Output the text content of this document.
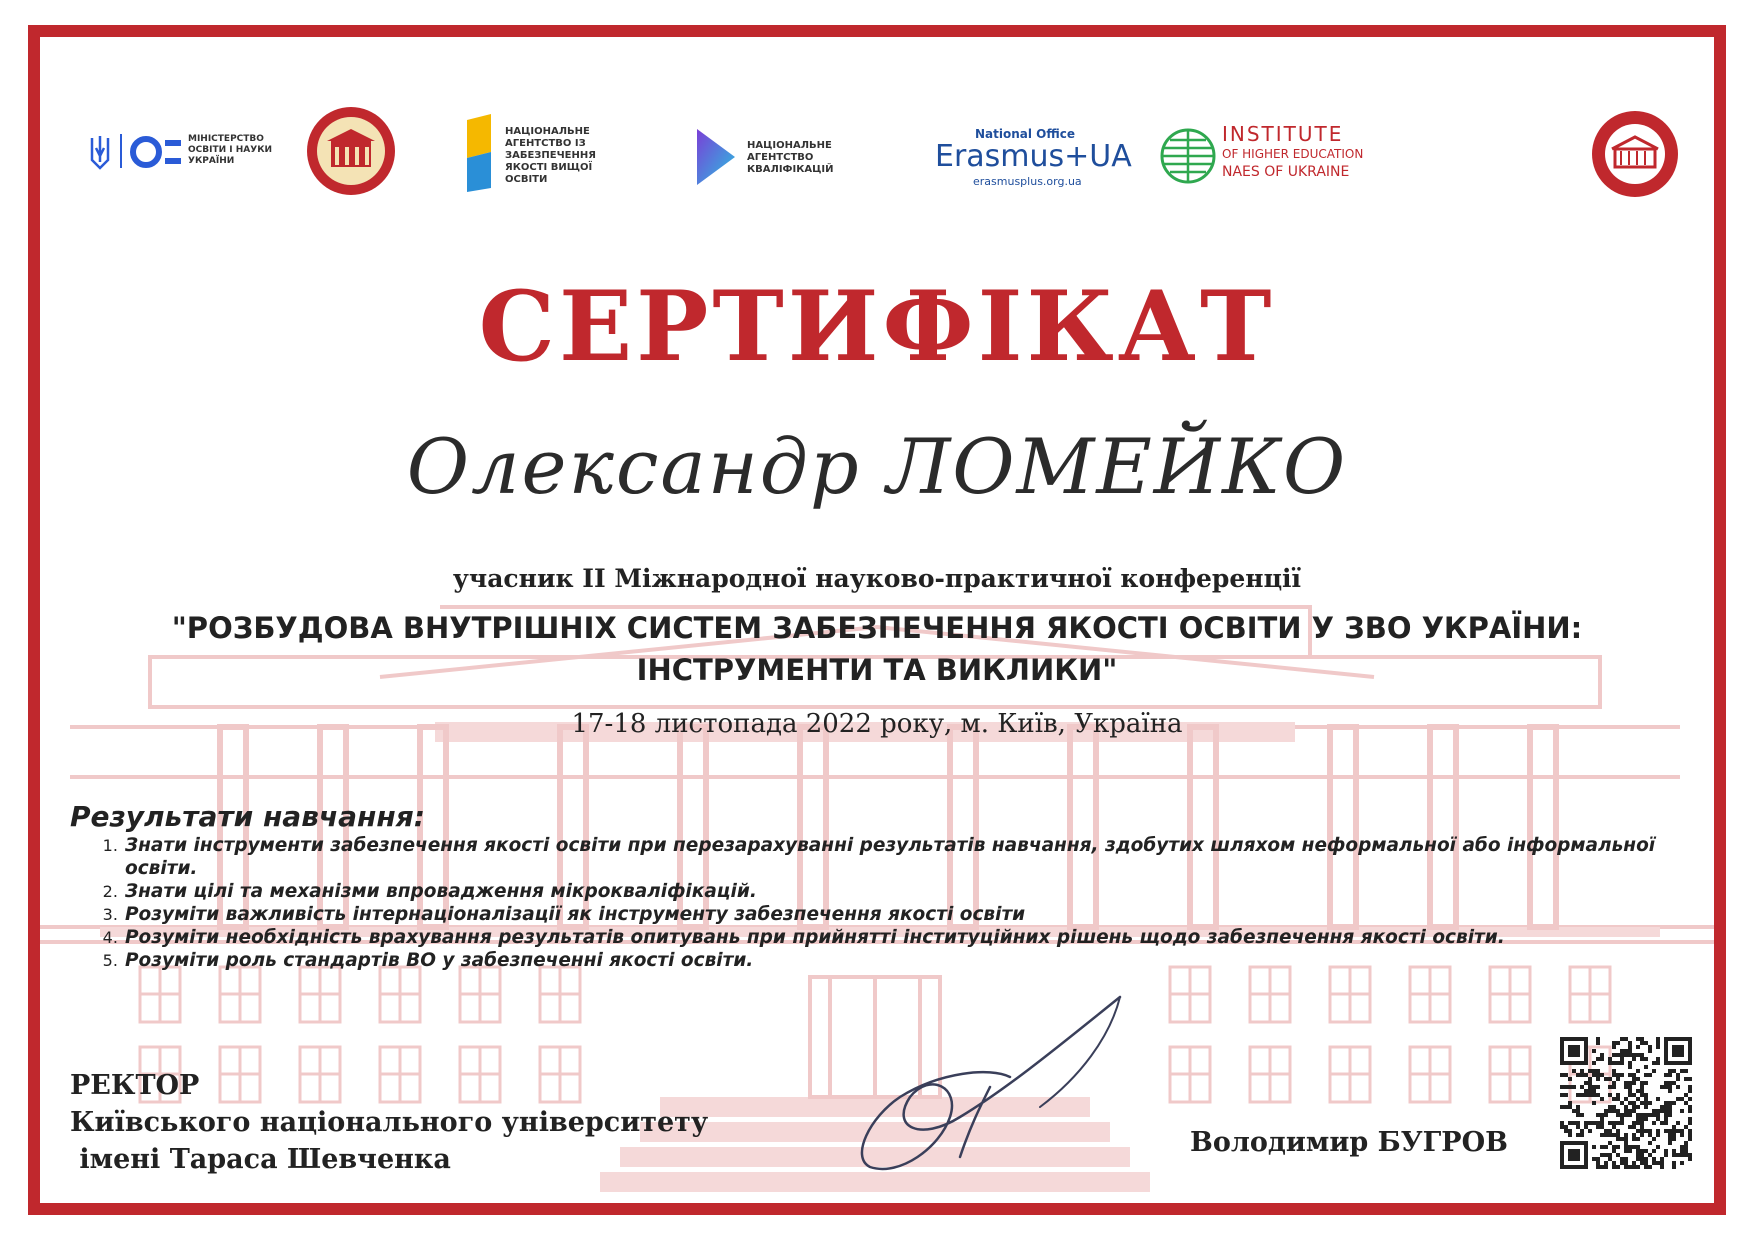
МІНІСТЕРСТВО ОСВІТИ І НАУКИ УКРАЇНИ
НАЦІОНАЛЬНЕ АГЕНТСТВО ІЗ ЗАБЕЗПЕЧЕННЯ ЯКОСТІ ВИЩОЇ ОСВІТИ
НАЦІОНАЛЬНЕ АГЕНТСТВО КВАЛІФІКАЦІЙ
National Office
Erasmus+UA
erasmusplus.org.ua
INSTITUTE
OF HIGHER EDUCATION
NAES OF UKRAINE
СЕРТИФІКАТ
Олександр ЛОМЕЙКО
учасник ІІ Міжнародної науково-практичної конференції
"РОЗБУДОВА ВНУТРІШНІХ СИСТЕМ ЗАБЕЗПЕЧЕННЯ ЯКОСТІ ОСВІТИ У ЗВО УКРАЇНИ:
ІНСТРУМЕНТИ ТА ВИКЛИКИ"
17-18 листопада 2022 року, м. Київ, Україна
Результати навчання:
1. Знати інструменти забезпечення якості освіти при перезарахуванні результатів навчання, здобутих шляхом неформальної або інформальної освіти.
2. Знати цілі та механізми впровадження мікрокваліфікацій.
3. Розуміти важливість інтернаціоналізації як інструменту забезпечення якості освіти
4. Розуміти необхідність врахування результатів опитувань при прийнятті інституційних рішень щодо забезпечення якості освіти.
5. Розуміти роль стандартів ВО у забезпеченні якості освіти.
РЕКТОР
Київського національного університету
імені Тараса Шевченка
Володимир БУГРОВ
